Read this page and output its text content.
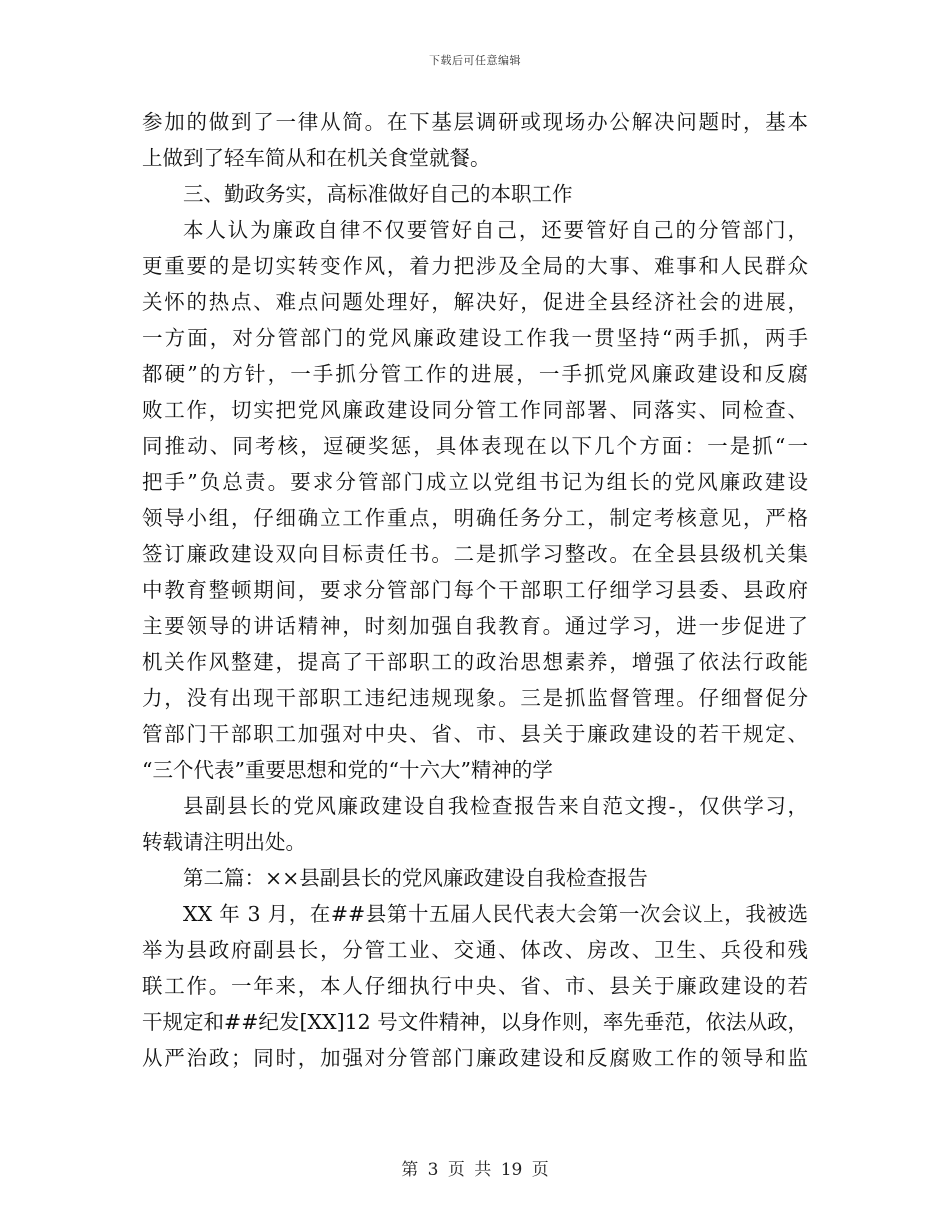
下载后可任意编辑
参加的做到了一律从简。在下基层调研或现场办公解决问题时，基本
上做到了轻车简从和在机关食堂就餐。
三、勤政务实，高标准做好自己的本职工作
本人认为廉政自律不仅要管好自己，还要管好自己的分管部门，
更重要的是切实转变作风，着力把涉及全局的大事、难事和人民群众
关怀的热点、难点问题处理好，解决好，促进全县经济社会的进展，
一方面，对分管部门的党风廉政建设工作我一贯坚持“两手抓，两手
都硬”的方针，一手抓分管工作的进展，一手抓党风廉政建设和反腐
败工作，切实把党风廉政建设同分管工作同部署、同落实、同检查、
同推动、同考核，逗硬奖惩，具体表现在以下几个方面：一是抓“一
把手”负总责。要求分管部门成立以党组书记为组长的党风廉政建设
领导小组，仔细确立工作重点，明确任务分工，制定考核意见，严格
签订廉政建设双向目标责任书。二是抓学习整改。在全县县级机关集
中教育整顿期间，要求分管部门每个干部职工仔细学习县委、县政府
主要领导的讲话精神，时刻加强自我教育。通过学习，进一步促进了
机关作风整建，提高了干部职工的政治思想素养，增强了依法行政能
力，没有出现干部职工违纪违规现象。三是抓监督管理。仔细督促分
管部门干部职工加强对中央、省、市、县关于廉政建设的若干规定、
“三个代表”重要思想和党的“十六大”精神的学
县副县长的党风廉政建设自我检查报告来自范文搜-，仅供学习，
转载请注明出处。
第二篇：××县副县长的党风廉政建设自我检查报告
XX 年 3 月，在##县第十五届人民代表大会第一次会议上，我被选
举为县政府副县长，分管工业、交通、体改、房改、卫生、兵役和残
联工作。一年来，本人仔细执行中央、省、市、县关于廉政建设的若
干规定和##纪发[XX]12 号文件精神，以身作则，率先垂范，依法从政，
从严治政；同时，加强对分管部门廉政建设和反腐败工作的领导和监
第 3 页 共 19 页
